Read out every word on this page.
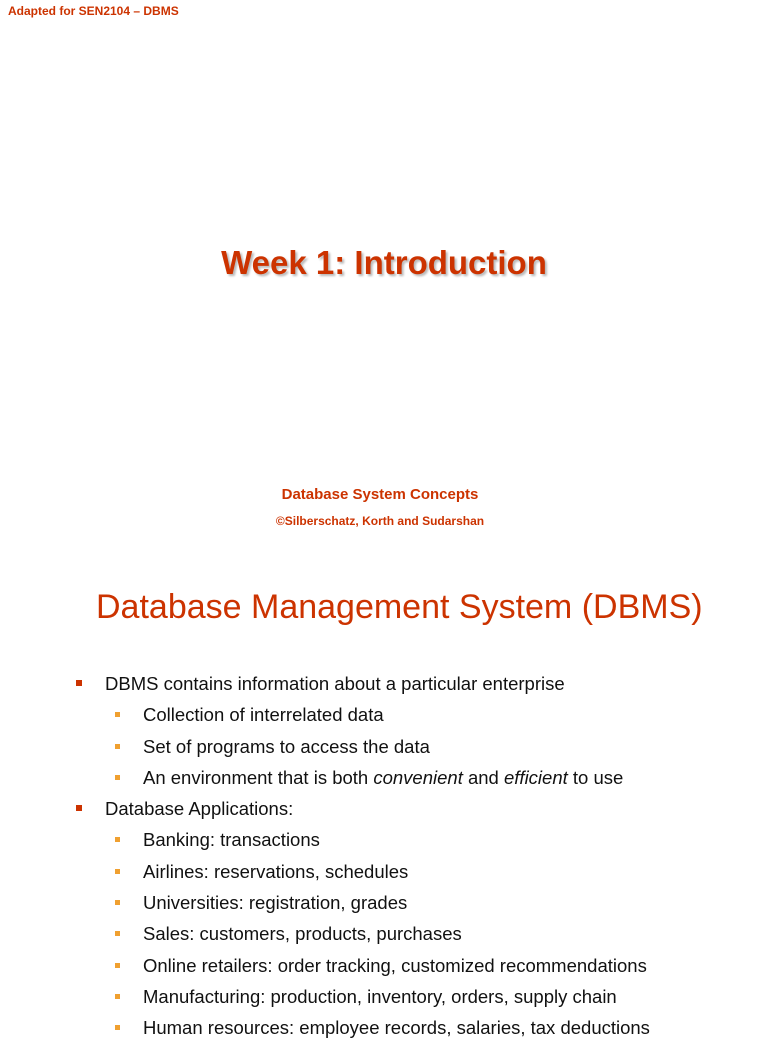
Adapted for SEN2104 – DBMS
Week 1: Introduction
Database System Concepts
©Silberschatz, Korth and Sudarshan
Database Management System (DBMS)
DBMS contains information about a particular enterprise
Collection of interrelated data
Set of programs to access the data
An environment that is both convenient and efficient to use
Database Applications:
Banking: transactions
Airlines: reservations, schedules
Universities: registration, grades
Sales: customers, products, purchases
Online retailers: order tracking, customized recommendations
Manufacturing: production, inventory, orders, supply chain
Human resources: employee records, salaries, tax deductions
